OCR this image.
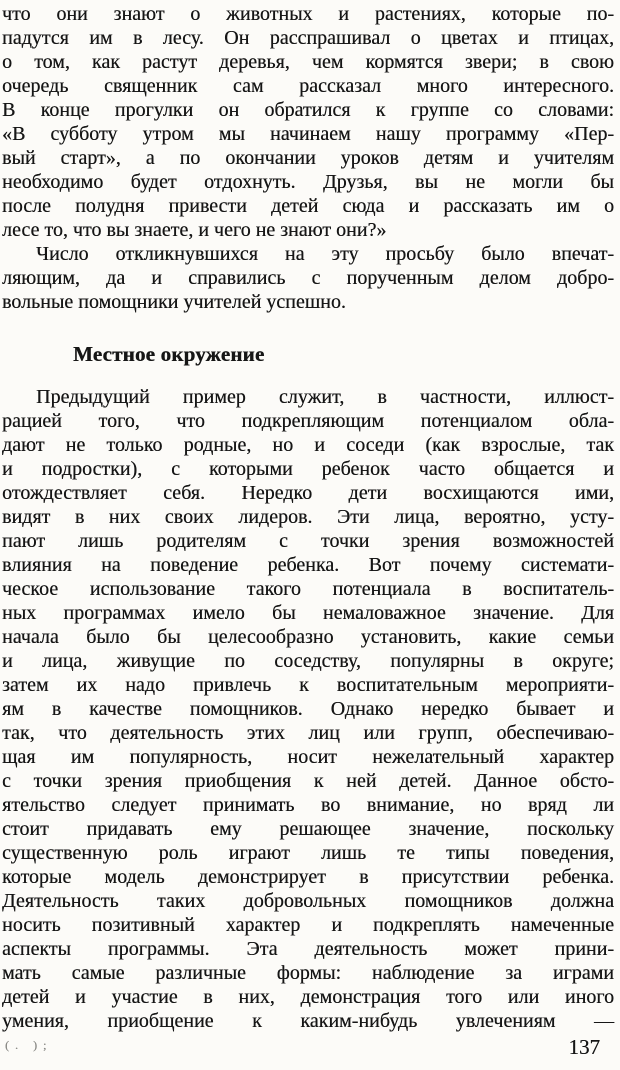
что они знают о животных и растениях, которые по-
падутся им в лесу. Он расспрашивал о цветах и птицах,
о том, как растут деревья, чем кормятся звери; в свою
очередь священник сам рассказал много интересного.
В конце прогулки он обратился к группе со словами:
«В субботу утром мы начинаем нашу программу «Пер-
вый старт», а по окончании уроков детям и учителям
необходимо будет отдохнуть. Друзья, вы не могли бы
после полудня привести детей сюда и рассказать им о
лесе то, что вы знаете, и чего не знают они?»
Число откликнувшихся на эту просьбу было впечат-
ляющим, да и справились с порученным делом добро-
вольные помощники учителей успешно.
Местное окружение
Предыдущий пример служит, в частности, иллюст-
рацией того, что подкрепляющим потенциалом обла-
дают не только родные, но и соседи (как взрослые, так
и подростки), с которыми ребенок часто общается и
отождествляет себя. Нередко дети восхищаются ими,
видят в них своих лидеров. Эти лица, вероятно, усту-
пают лишь родителям с точки зрения возможностей
влияния на поведение ребенка. Вот почему системати-
ческое использование такого потенциала в воспитатель-
ных программах имело бы немаловажное значение. Для
начала было бы целесообразно установить, какие семьи
и лица, живущие по соседству, популярны в округе;
затем их надо привлечь к воспитательным мероприяти-
ям в качестве помощников. Однако нередко бывает и
так, что деятельность этих лиц или групп, обеспечиваю-
щая им популярность, носит нежелательный характер
с точки зрения приобщения к ней детей. Данное обсто-
ятельство следует принимать во внимание, но вряд ли
стоит придавать ему решающее значение, поскольку
существенную роль играют лишь те типы поведения,
которые модель демонстрирует в присутствии ребенка.
Деятельность таких добровольных помощников должна
носить позитивный характер и подкреплять намеченные
аспекты программы. Эта деятельность может прини-
мать самые различные формы: наблюдение за играми
детей и участие в них, демонстрация того или иного
умения, приобщение к каким-нибудь увлечениям —
(. );	137
